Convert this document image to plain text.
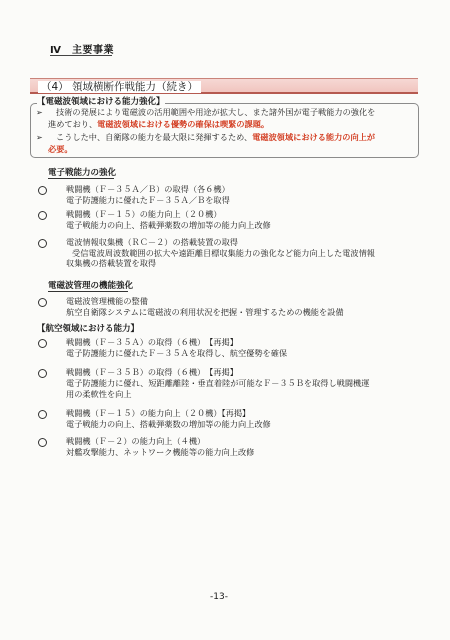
Ⅳ 主要事業
（4） 領域横断作戦能力（続き）
【電磁波領域における能力強化】
➢	技術の発展により電磁波の活用範囲や用途が拡大し、また諸外国が電子戦能力の強化を
進めており、電磁波領域における優勢の確保は喫緊の課題。
➢	こうした中、自衛隊の能力を最大限に発揮するため、電磁波領域における能力の向上が
必要。
電子戦能力の強化
戦闘機（Ｆ－３５Ａ／Ｂ）の取得（各６機）
電子防護能力に優れたＦ－３５Ａ／Ｂを取得
戦闘機（Ｆ－１５）の能力向上（２０機）
電子戦能力の向上、搭載弾薬数の増加等の能力向上改修
電波情報収集機（ＲＣ－２）の搭載装置の取得
受信電波周波数範囲の拡大や遠距離目標収集能力の強化など能力向上した電波情報
収集機の搭載装置を取得
電磁波管理の機能強化
電磁波管理機能の整備
航空自衛隊システムに電磁波の利用状況を把握・管理するための機能を設備
【航空領域における能力】
戦闘機（Ｆ－３５Ａ）の取得（６機）　【再掲】
電子防護能力に優れたＦ－３５Ａを取得し、航空優勢を確保
戦闘機（Ｆ－３５Ｂ）の取得（６機）　【再掲】
電子防護能力に優れ、短距離離陸・垂直着陸が可能なＦ－３５Ｂを取得し戦闘機運
用の柔軟性を向上
戦闘機（Ｆ－１５）の能力向上（２０機）【再掲】
電子戦能力の向上、搭載弾薬数の増加等の能力向上改修
戦闘機（Ｆ－２）の能力向上（４機）
対艦攻撃能力、ネットワーク機能等の能力向上改修
-13-
